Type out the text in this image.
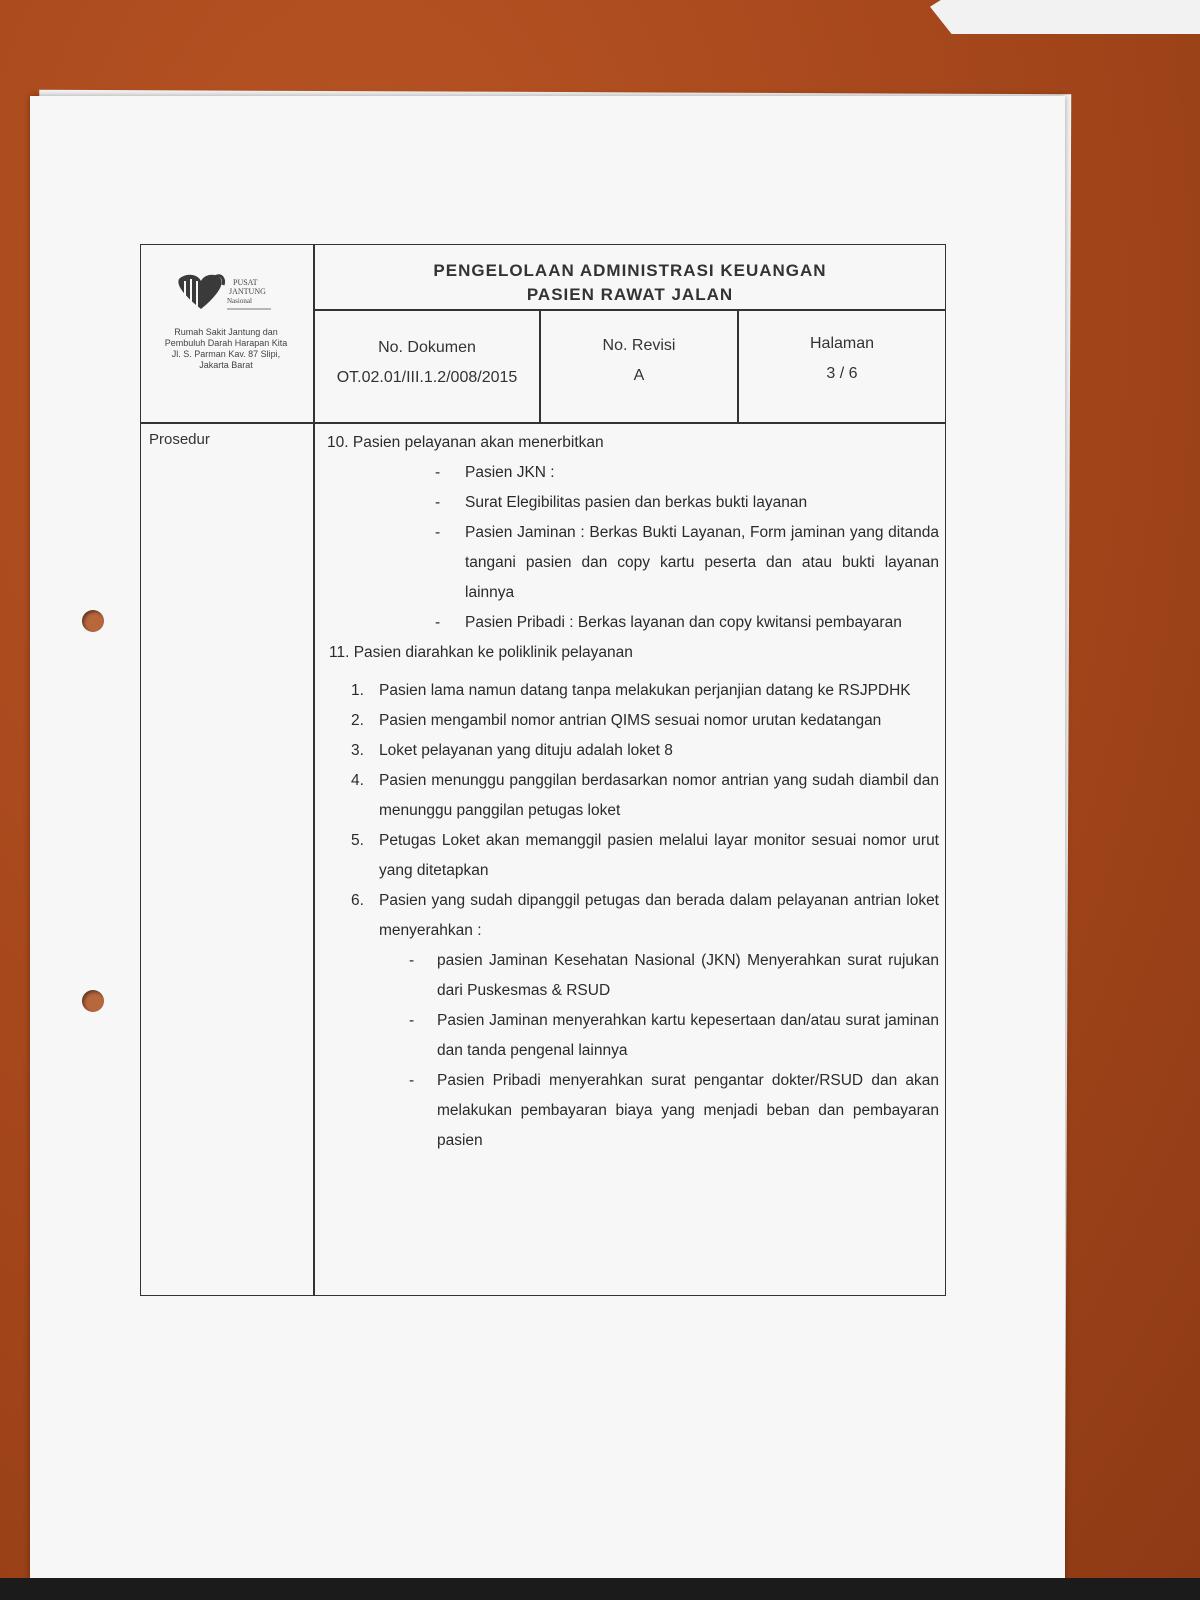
PUSAT
JANTUNG
Nasional
Rumah Sakit Jantung dan
Pembuluh Darah Harapan Kita
Jl. S. Parman Kav. 87 Slipi,
Jakarta Barat
PENGELOLAAN ADMINISTRASI KEUANGAN
PASIEN RAWAT JALAN
No. Dokumen
OT.02.01/III.1.2/008/2015
No. Revisi
A
Halaman
3 / 6
Prosedur	10. Pasien pelayanan akan menerbitkan
- Pasien JKN :
- Surat Elegibilitas pasien dan berkas bukti layanan
- Pasien Jaminan : Berkas Bukti Layanan, Form jaminan yang ditanda tangani pasien dan copy kartu peserta dan atau bukti layanan lainnya
- Pasien Pribadi : Berkas layanan dan copy kwitansi pembayaran
11. Pasien diarahkan ke poliklinik pelayanan
1. Pasien lama namun datang tanpa melakukan perjanjian datang ke RSJPDHK
2. Pasien mengambil nomor antrian QIMS sesuai nomor urutan kedatangan
3. Loket pelayanan yang dituju adalah loket 8
4. Pasien menunggu panggilan berdasarkan nomor antrian yang sudah diambil dan menunggu panggilan petugas loket
5. Petugas Loket akan memanggil pasien melalui layar monitor sesuai nomor urut yang ditetapkan
6. Pasien yang sudah dipanggil petugas dan berada dalam pelayanan antrian loket menyerahkan :
- pasien Jaminan Kesehatan Nasional (JKN) Menyerahkan surat rujukan dari Puskesmas & RSUD
- Pasien Jaminan menyerahkan kartu kepesertaan dan/atau surat jaminan dan tanda pengenal lainnya
- Pasien Pribadi menyerahkan surat pengantar dokter/RSUD dan akan melakukan pembayaran biaya yang menjadi beban dan pembayaran pasien
